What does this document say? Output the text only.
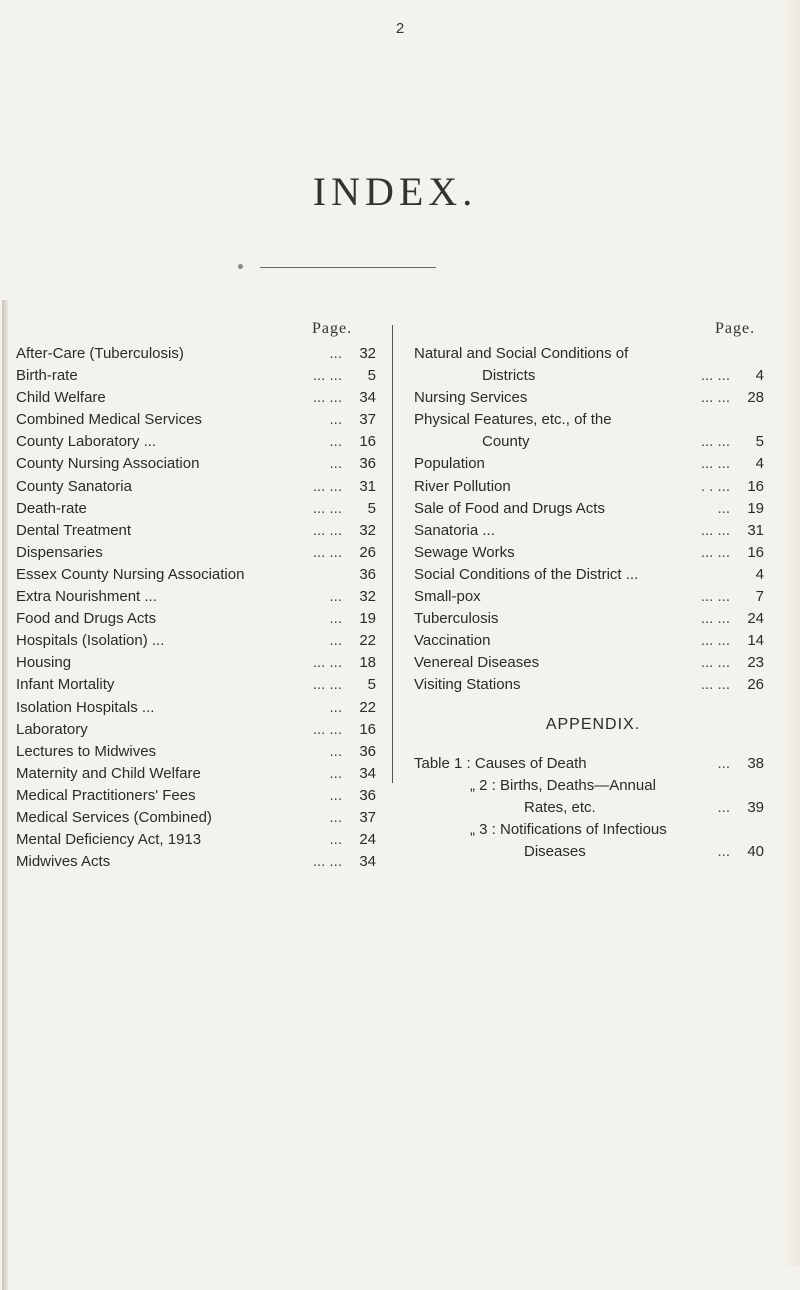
2
INDEX.
Page.	Page.
After-Care (Tuberculosis)	... 32
Birth-rate	... ... 5
Child Welfare	... ... 34
Combined Medical Services	... 37
County Laboratory ...	... 16
County Nursing Association	... 36
County Sanatoria	... ... 31
Death-rate	... ... 5
Dental Treatment	... ... 32
Dispensaries	... ... 26
Essex County Nursing Association	36
Extra Nourishment ...	... 32
Food and Drugs Acts	... 19
Hospitals (Isolation) ...	... 22
Housing	... ... 18
Infant Mortality	... ... 5
Isolation Hospitals ...	... 22
Laboratory	... ... 16
Lectures to Midwives	... 36
Maternity and Child Welfare	... 34
Medical Practitioners' Fees	... 36
Medical Services (Combined)	... 37
Mental Deficiency Act, 1913	... 24
Midwives Acts	... ... 34
Natural and Social Conditions of
Districts	... ... 4
Nursing Services	... ... 28
Physical Features, etc., of the
County	... ... 5
Population	... ... 4
River Pollution	. . ... 16
Sale of Food and Drugs Acts	... 19
Sanatoria ...	... ... 31
Sewage Works	... ... 16
Social Conditions of the District ...	4
Small-pox	... ... 7
Tuberculosis	... ... 24
Vaccination	... ... 14
Venereal Diseases	... ... 23
Visiting Stations	... ... 26
APPENDIX.
Table 1 : Causes of Death	... 38
„ 2 : Births, Deaths—Annual
Rates, etc.	... 39
„ 3 : Notifications of Infectious
Diseases	... 40
